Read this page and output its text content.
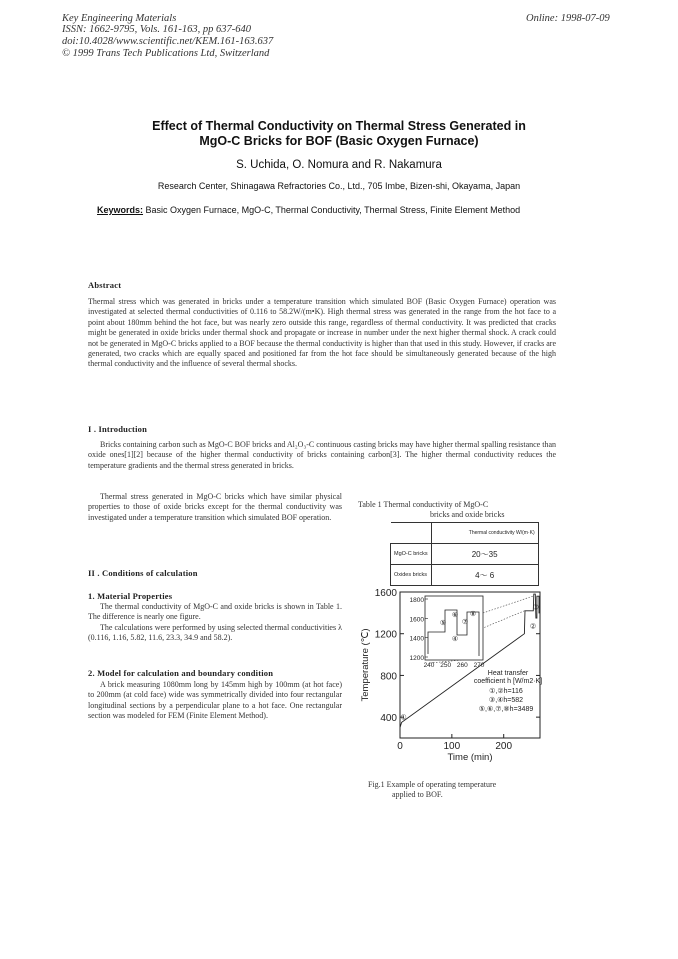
Key Engineering Materials
ISSN: 1662-9795, Vols. 161-163, pp 637-640
doi:10.4028/www.scientific.net/KEM.161-163.637
© 1999 Trans Tech Publications Ltd, Switzerland
Online: 1998-07-09
Effect of Thermal Conductivity on Thermal Stress Generated in
MgO-C Bricks for BOF (Basic Oxygen Furnace)
S. Uchida, O. Nomura and R. Nakamura
Research Center, Shinagawa Refractories Co., Ltd., 705 Imbe, Bizen-shi, Okayama, Japan
Keywords: Basic Oxygen Furnace, MgO-C, Thermal Conductivity, Thermal Stress, Finite Element Method
Abstract

Thermal stress which was generated in bricks under a temperature transition which simulated BOF (Basic Oxygen Furnace) operation was investigated at selected thermal conductivities of 0.116 to 58.2W/(m•K). High thermal stress was generated in the range from the hot face to a point about 180mm behind the hot face, but was nearly zero outside this range, regardless of thermal conductivity. It was predicted that cracks might be generated in oxide bricks under thermal shock and propagate or increase in number under the next higher thermal shock. A crack could not be generated in MgO-C bricks applied to a BOF because the thermal conductivity is higher than that used in this study. However, if cracks are generated, two cracks which are equally spaced and positioned far from the hot face should be simultaneously generated because of the high thermal conductivity and the influence of several thermal shocks.

I . Introduction

Bricks containing carbon such as MgO-C BOF bricks and Al₂O₃-C continuous casting bricks may have higher thermal spalling resistance than oxide ones[1][2] because of the higher thermal conductivity of bricks containing carbon[3]. The higher thermal conductivity reduces the temperature gradients and the thermal stress generated in bricks.

Thermal stress generated in MgO-C bricks which have similar physical properties to those of oxide bricks except for the thermal conductivity was investigated under a temperature transition which simulated BOF operation.

II . Conditions of calculation
1. Material Properties

The thermal conductivity of MgO-C and oxide bricks is shown in Table 1. The difference is nearly one figure.

The calculations were performed by using selected thermal conductivities λ (0.116, 1.16, 5.82, 11.6, 23.3, 34.9 and 58.2).

2. Model for calculation and boundary condition

A brick measuring 1080mm long by 145mm high by 100mm (at hot face) to 200mm (at cold face) wide was symmetrically divided into four rectangular longitudinal sections by a perpendicular plane to a hot face. One rectangular section was modeled for FEM (Finite Element Method).

Table 1 Thermal conductivity of MgO-C
bricks and oxide bricks
	Thermal conductivity W/(m·K)
MgO-C bricks	20～35
Oxides bricks	4～ 6
400
800
1200
1600
0	100	200
Time (min)
Temperature (℃)
1800
1600
1400
1200
240 250 260 270
①
②
③
④
⑤
⑥
⑦
⑧
Heat transfer
coefficient h [W/m2·K]
①,②h=116
③,④h=582
⑤,⑥,⑦,⑧h=3489
Fig.1 Example of operating temperature
applied to BOF.
